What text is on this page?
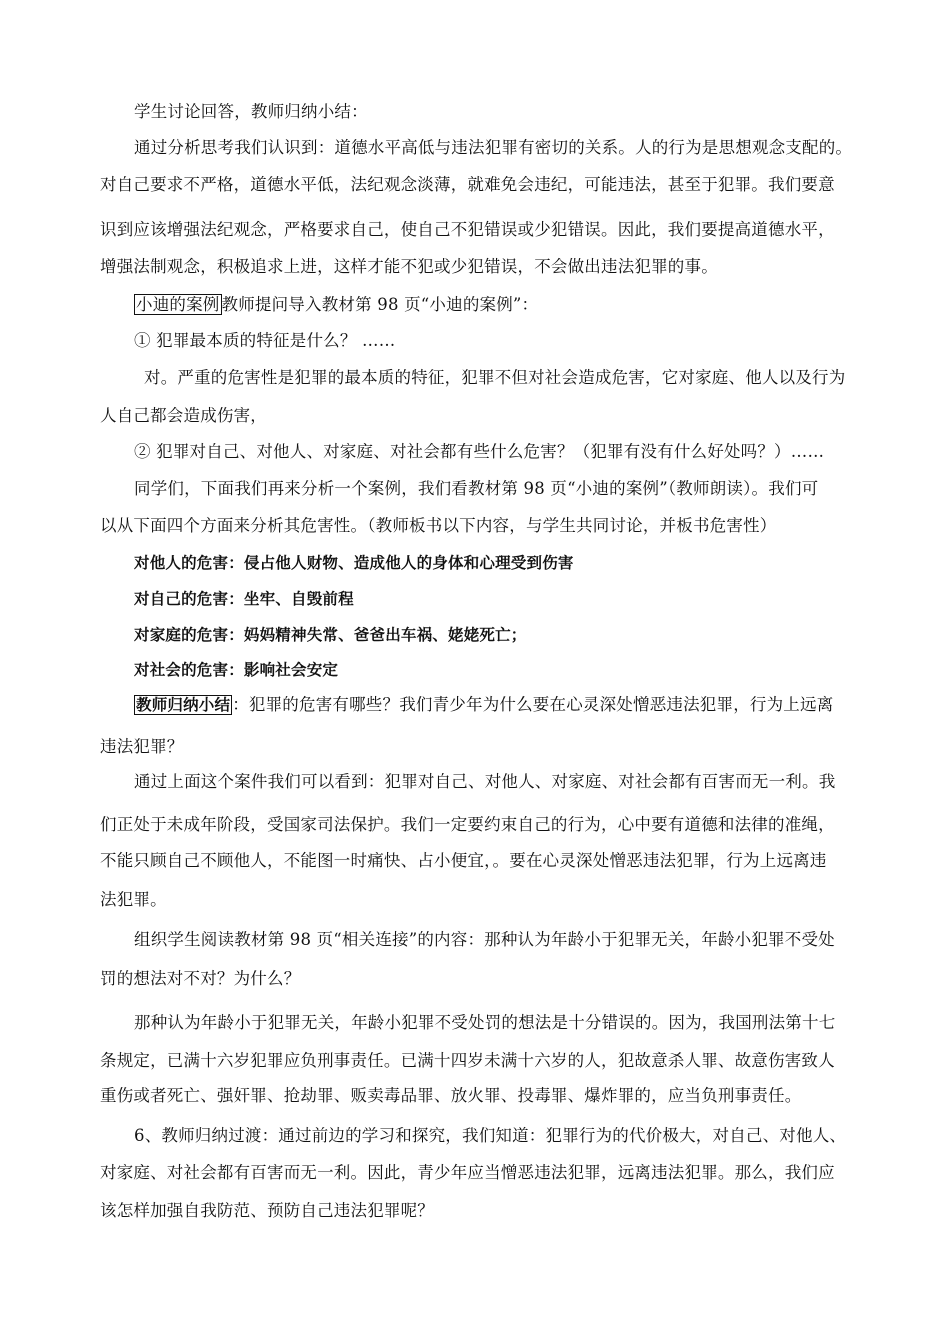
学生讨论回答，教师归纳小结：
通过分析思考我们认识到：道德水平高低与违法犯罪有密切的关系。人的行为是思想观念支配的。
对自己要求不严格，道德水平低，法纪观念淡薄，就难免会违纪，可能违法，甚至于犯罪。我们要意
识到应该增强法纪观念，严格要求自己，使自己不犯错误或少犯错误。因此，我们要提高道德水平，
增强法制观念，积极追求上进，这样才能不犯或少犯错误，不会做出违法犯罪的事。
小迪的案例 教师提问导入教材第 98 页“小迪的案例”：
① 犯罪最本质的特征是什么？ ……
对。严重的危害性是犯罪的最本质的特征，犯罪不但对社会造成危害，它对家庭、他人以及行为
人自己都会造成伤害，
② 犯罪对自己、对他人、对家庭、对社会都有些什么危害？（犯罪有没有什么好处吗？）……
同学们，下面我们再来分析一个案例，我们看教材第 98 页“小迪的案例”（教师朗读）。我们可
以从下面四个方面来分析其危害性。（教师板书以下内容，与学生共同讨论，并板书危害性）
对他人的危害：侵占他人财物、造成他人的身体和心理受到伤害
对自己的危害：坐牢、自毁前程
对家庭的危害：妈妈精神失常、爸爸出车祸、姥姥死亡；
对社会的危害：影响社会安定
教师归纳小结 ：犯罪的危害有哪些？我们青少年为什么要在心灵深处憎恶违法犯罪，行为上远离
违法犯罪？
通过上面这个案件我们可以看到：犯罪对自己、对他人、对家庭、对社会都有百害而无一利。我
们正处于未成年阶段，受国家司法保护。我们一定要约束自己的行为，心中要有道德和法律的准绳，
不能只顾自己不顾他人，不能图一时痛快、占小便宜，。要在心灵深处憎恶违法犯罪，行为上远离违
法犯罪。
组织学生阅读教材第 98 页“相关连接”的内容：那种认为年龄小于犯罪无关，年龄小犯罪不受处
罚的想法对不对？为什么？
那种认为年龄小于犯罪无关，年龄小犯罪不受处罚的想法是十分错误的。因为，我国刑法第十七
条规定，已满十六岁犯罪应负刑事责任。已满十四岁未满十六岁的人，犯故意杀人罪、故意伤害致人
重伤或者死亡、强奸罪、抢劫罪、贩卖毒品罪、放火罪、投毒罪、爆炸罪的，应当负刑事责任。
6、教师归纳过渡：通过前边的学习和探究，我们知道：犯罪行为的代价极大，对自己、对他人、
对家庭、对社会都有百害而无一利。因此，青少年应当憎恶违法犯罪，远离违法犯罪。那么，我们应
该怎样加强自我防范、预防自己违法犯罪呢？
